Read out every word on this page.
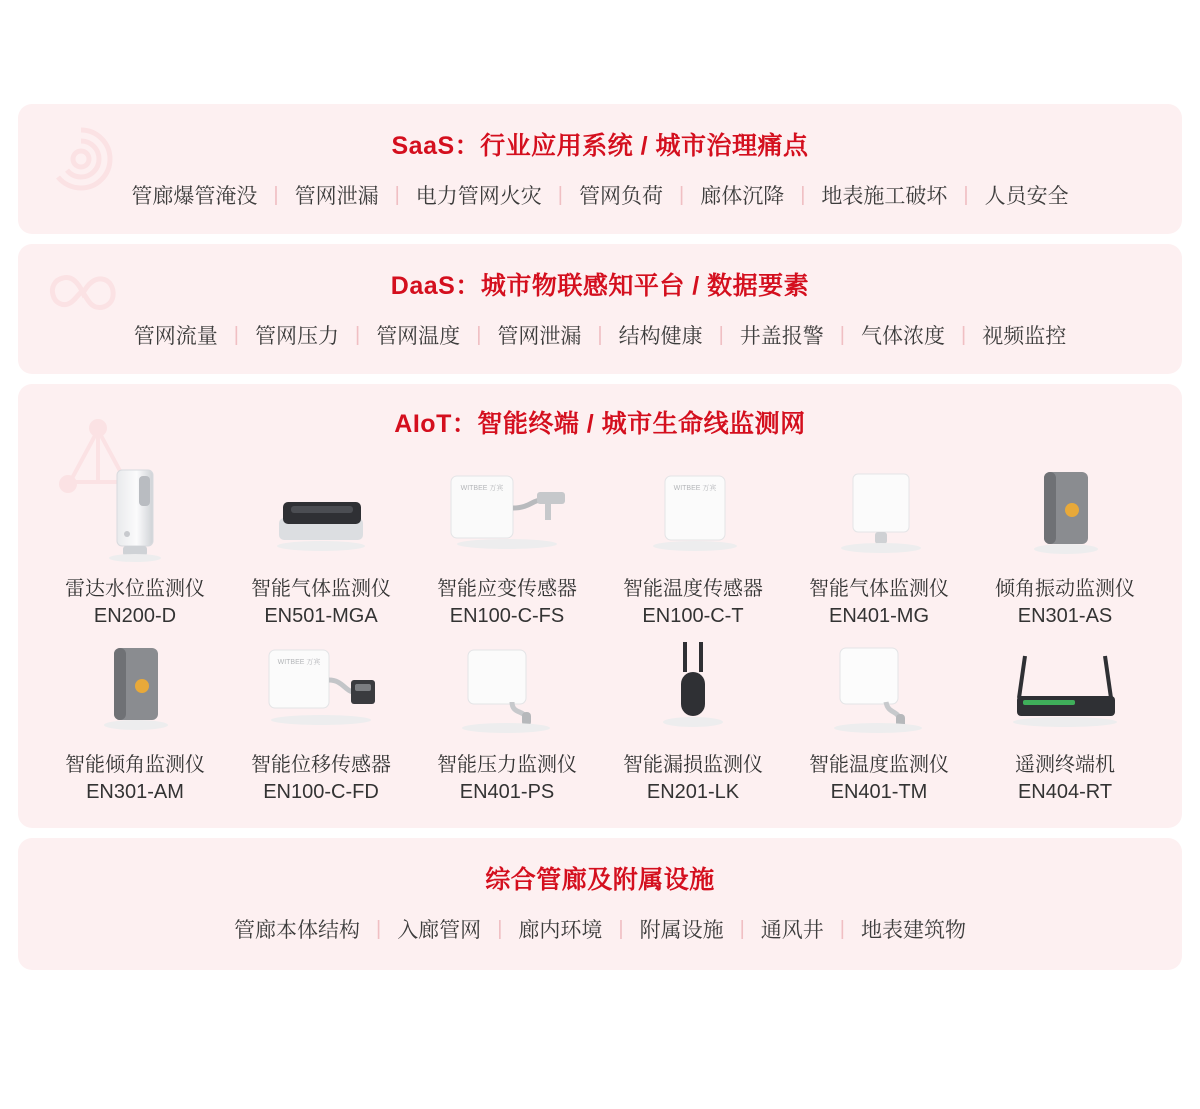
SaaS：行业应用系统 / 城市治理痛点
管廊爆管淹没 | 管网泄漏 | 电力管网火灾 | 管网负荷 | 廊体沉降 | 地表施工破坏 | 人员安全
DaaS：城市物联感知平台 / 数据要素
管网流量 | 管网压力 | 管网温度 | 管网泄漏 | 结构健康 | 井盖报警 | 气体浓度 | 视频监控
AIoT：智能终端 / 城市生命线监测网
雷达水位监测仪
EN200-D
智能气体监测仪
EN501-MGA
WITBEE 万宾
智能应变传感器
EN100-C-FS
WITBEE 万宾
智能温度传感器
EN100-C-T
智能气体监测仪
EN401-MG
倾角振动监测仪
EN301-AS
智能倾角监测仪
EN301-AM
WITBEE 万宾
智能位移传感器
EN100-C-FD
智能压力监测仪
EN401-PS
智能漏损监测仪
EN201-LK
智能温度监测仪
EN401-TM
遥测终端机
EN404-RT
综合管廊及附属设施
管廊本体结构 | 入廊管网 | 廊内环境 | 附属设施 | 通风井 | 地表建筑物
